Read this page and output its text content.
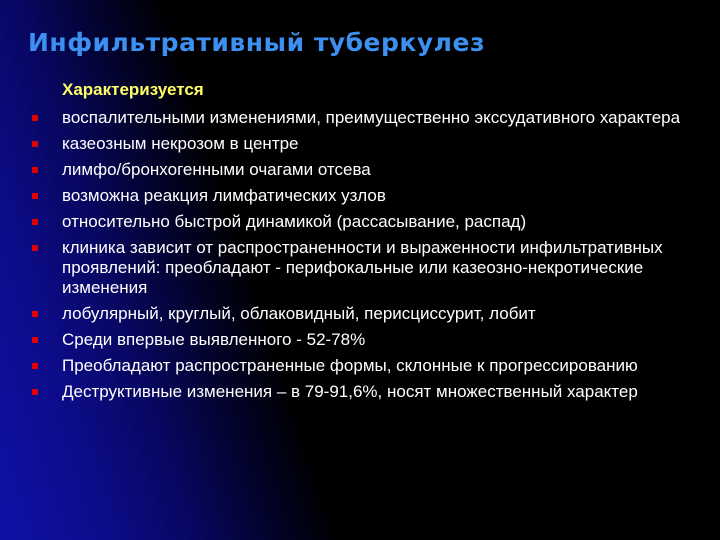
Инфильтративный туберкулез
Характеризуется
воспалительными изменениями, преимущественно экссудативного характера
казеозным некрозом в центре
лимфо/бронхогенными очагами отсева
возможна реакция лимфатических узлов
относительно быстрой динамикой (рассасывание, распад)
клиника зависит от распространенности и выраженности инфильтративных проявлений: преобладают - перифокальные или казеозно-некротические изменения
лобулярный, круглый, облаковидный, перисциссурит, лобит
Среди впервые выявленного - 52-78%
Преобладают распространенные формы, склонные к прогрессированию
Деструктивные изменения – в 79-91,6%, носят множественный характер
